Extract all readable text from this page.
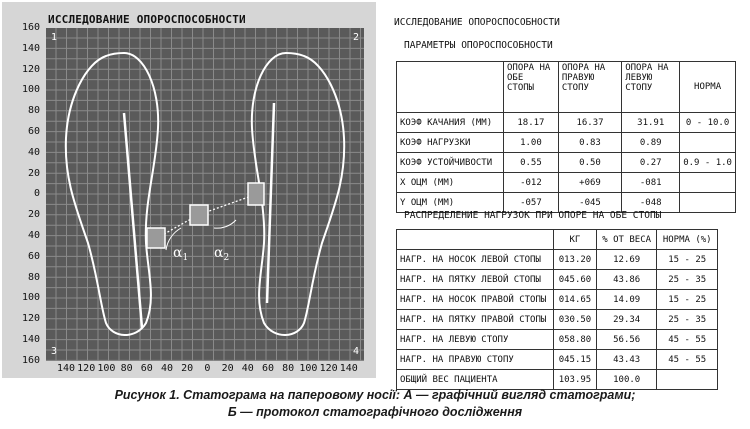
ИССЛЕДОВАНИЕ ОПОРОСПОСОБНОСТИ
160
140
120
100
80
60
40
20
0
20
40
60
80
100
120
140
160
140 120 100 80 60 40 20	0	20 40 60 80 100 120 140
$\alpha_1$ $\alpha_2$
1	2
3	4
ИССЛЕДОВАНИЕ ОПОРОСПОСОБНОСТИ
ПАРАМЕТРЫ ОПОРОСПОСОБНОСТИ
	ОПОРА НА ОБЕ СТОПЫ	ОПОРА НА ПРАВУЮ СТОПУ	ОПОРА НА ЛЕВУЮ СТОПУ	НОРМА
КОЭФ КАЧАНИЯ (ММ)	18.17	16.37	31.91	0 - 10.0
КОЭФ НАГРУЗКИ	1.00	0.83	0.89	
КОЭФ УСТОЙЧИВОСТИ	0.55	0.50	0.27	0.9 - 1.0
X ОЦМ (ММ)	-012	+069	-081	
Y ОЦМ (ММ)	-057	-045	-048	
РАСПРЕДЕЛЕНИЕ НАГРУЗОК ПРИ ОПОРЕ НА ОБЕ СТОПЫ
	КГ	% ОТ ВЕСА	НОРМА (%)
НАГР. НА НОСОК ЛЕВОЙ СТОПЫ	013.20	12.69	15 - 25
НАГР. НА ПЯТКУ ЛЕВОЙ СТОПЫ	045.60	43.86	25 - 35
НАГР. НА НОСОК ПРАВОЙ СТОПЫ	014.65	14.09	15 - 25
НАГР. НА ПЯТКУ ПРАВОЙ СТОПЫ	030.50	29.34	25 - 35
НАГР. НА ЛЕВУЮ СТОПУ	058.80	56.56	45 - 55
НАГР. НА ПРАВУЮ СТОПУ	045.15	43.43	45 - 55
ОБЩИЙ ВЕС ПАЦИЕНТА	103.95	100.0	
Рисунок 1. Статограма на паперовому носії: А — графічний вигляд статограми;
Б — протокол статографічного дослідження
